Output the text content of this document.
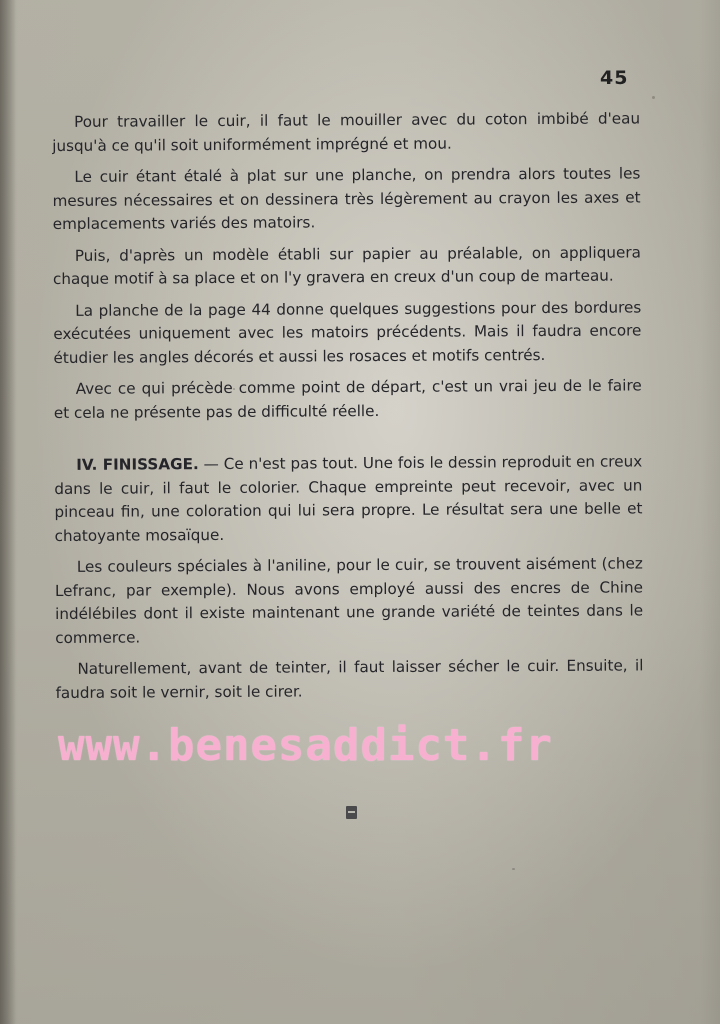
45

Pour travailler le cuir, il faut le mouiller avec du coton imbibé d'eau jusqu'à ce qu'il soit uniformément imprégné et mou.

Le cuir étant étalé à plat sur une planche, on prendra alors toutes les mesures nécessaires et on dessinera très légèrement au crayon les axes et emplacements variés des matoirs.

Puis, d'après un modèle établi sur papier au préalable, on appliquera chaque motif à sa place et on l'y gravera en creux d'un coup de marteau.

La planche de la page 44 donne quelques suggestions pour des bordures exécutées uniquement avec les matoirs précédents. Mais il faudra encore étudier les angles décorés et aussi les rosaces et motifs centrés.

Avec ce qui précède comme point de départ, c'est un vrai jeu de le faire et cela ne présente pas de difficulté réelle.

IV. FINISSAGE. — Ce n'est pas tout. Une fois le dessin reproduit en creux dans le cuir, il faut le colorier. Chaque empreinte peut recevoir, avec un pinceau fin, une coloration qui lui sera propre. Le résultat sera une belle et chatoyante mosaïque.

Les couleurs spéciales à l'aniline, pour le cuir, se trouvent aisément (chez Lefranc, par exemple). Nous avons employé aussi des encres de Chine indélébiles dont il existe maintenant une grande variété de teintes dans le commerce.

Naturellement, avant de teinter, il faut laisser sécher le cuir. Ensuite, il faudra soit le vernir, soit le cirer.

www.benesaddict.fr
